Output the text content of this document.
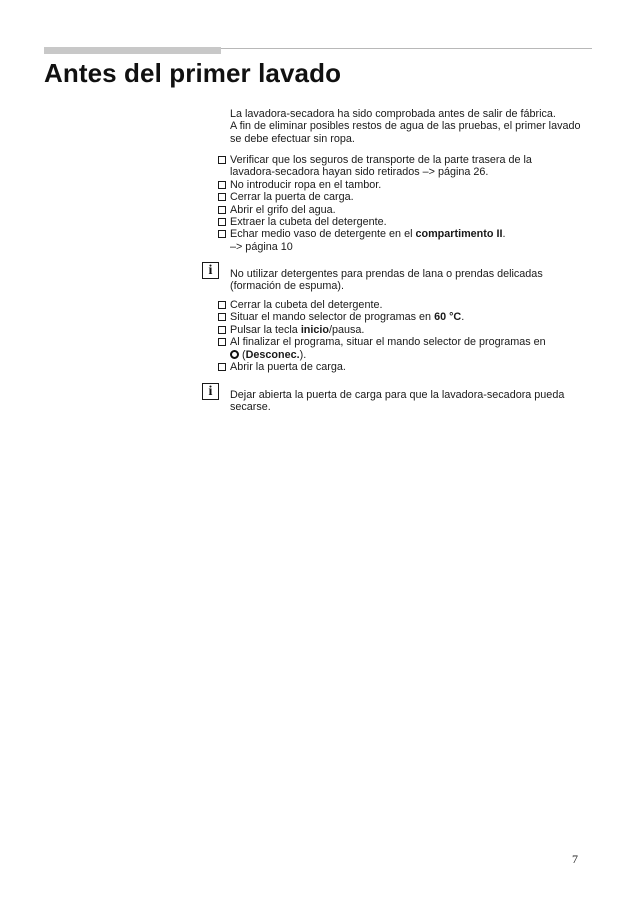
Antes del primer lavado

La lavadora-secadora ha sido comprobada antes de salir de fábrica.

A fin de eliminar posibles restos de agua de las pruebas, el primer lavado se debe efectuar sin ropa.

Verificar que los seguros de transporte de la parte trasera de la
lavadora-secadora hayan sido retirados –> página 26.

No introducir ropa en el tambor.

Cerrar la puerta de carga.

Abrir el grifo del agua.

Extraer la cubeta del detergente.

Echar medio vaso de detergente en el compartimento II.
–> página 10

i	No utilizar detergentes para prendas de lana o prendas delicadas

(formación de espuma).

Cerrar la cubeta del detergente.

Situar el mando selector de programas en 60 °C.

Pulsar la tecla inicio/pausa.

Al finalizar el programa, situar el mando selector de programas en
(Desconec.).

Abrir la puerta de carga.

i	Dejar abierta la puerta de carga para que la lavadora-secadora pueda

secarse.

7
